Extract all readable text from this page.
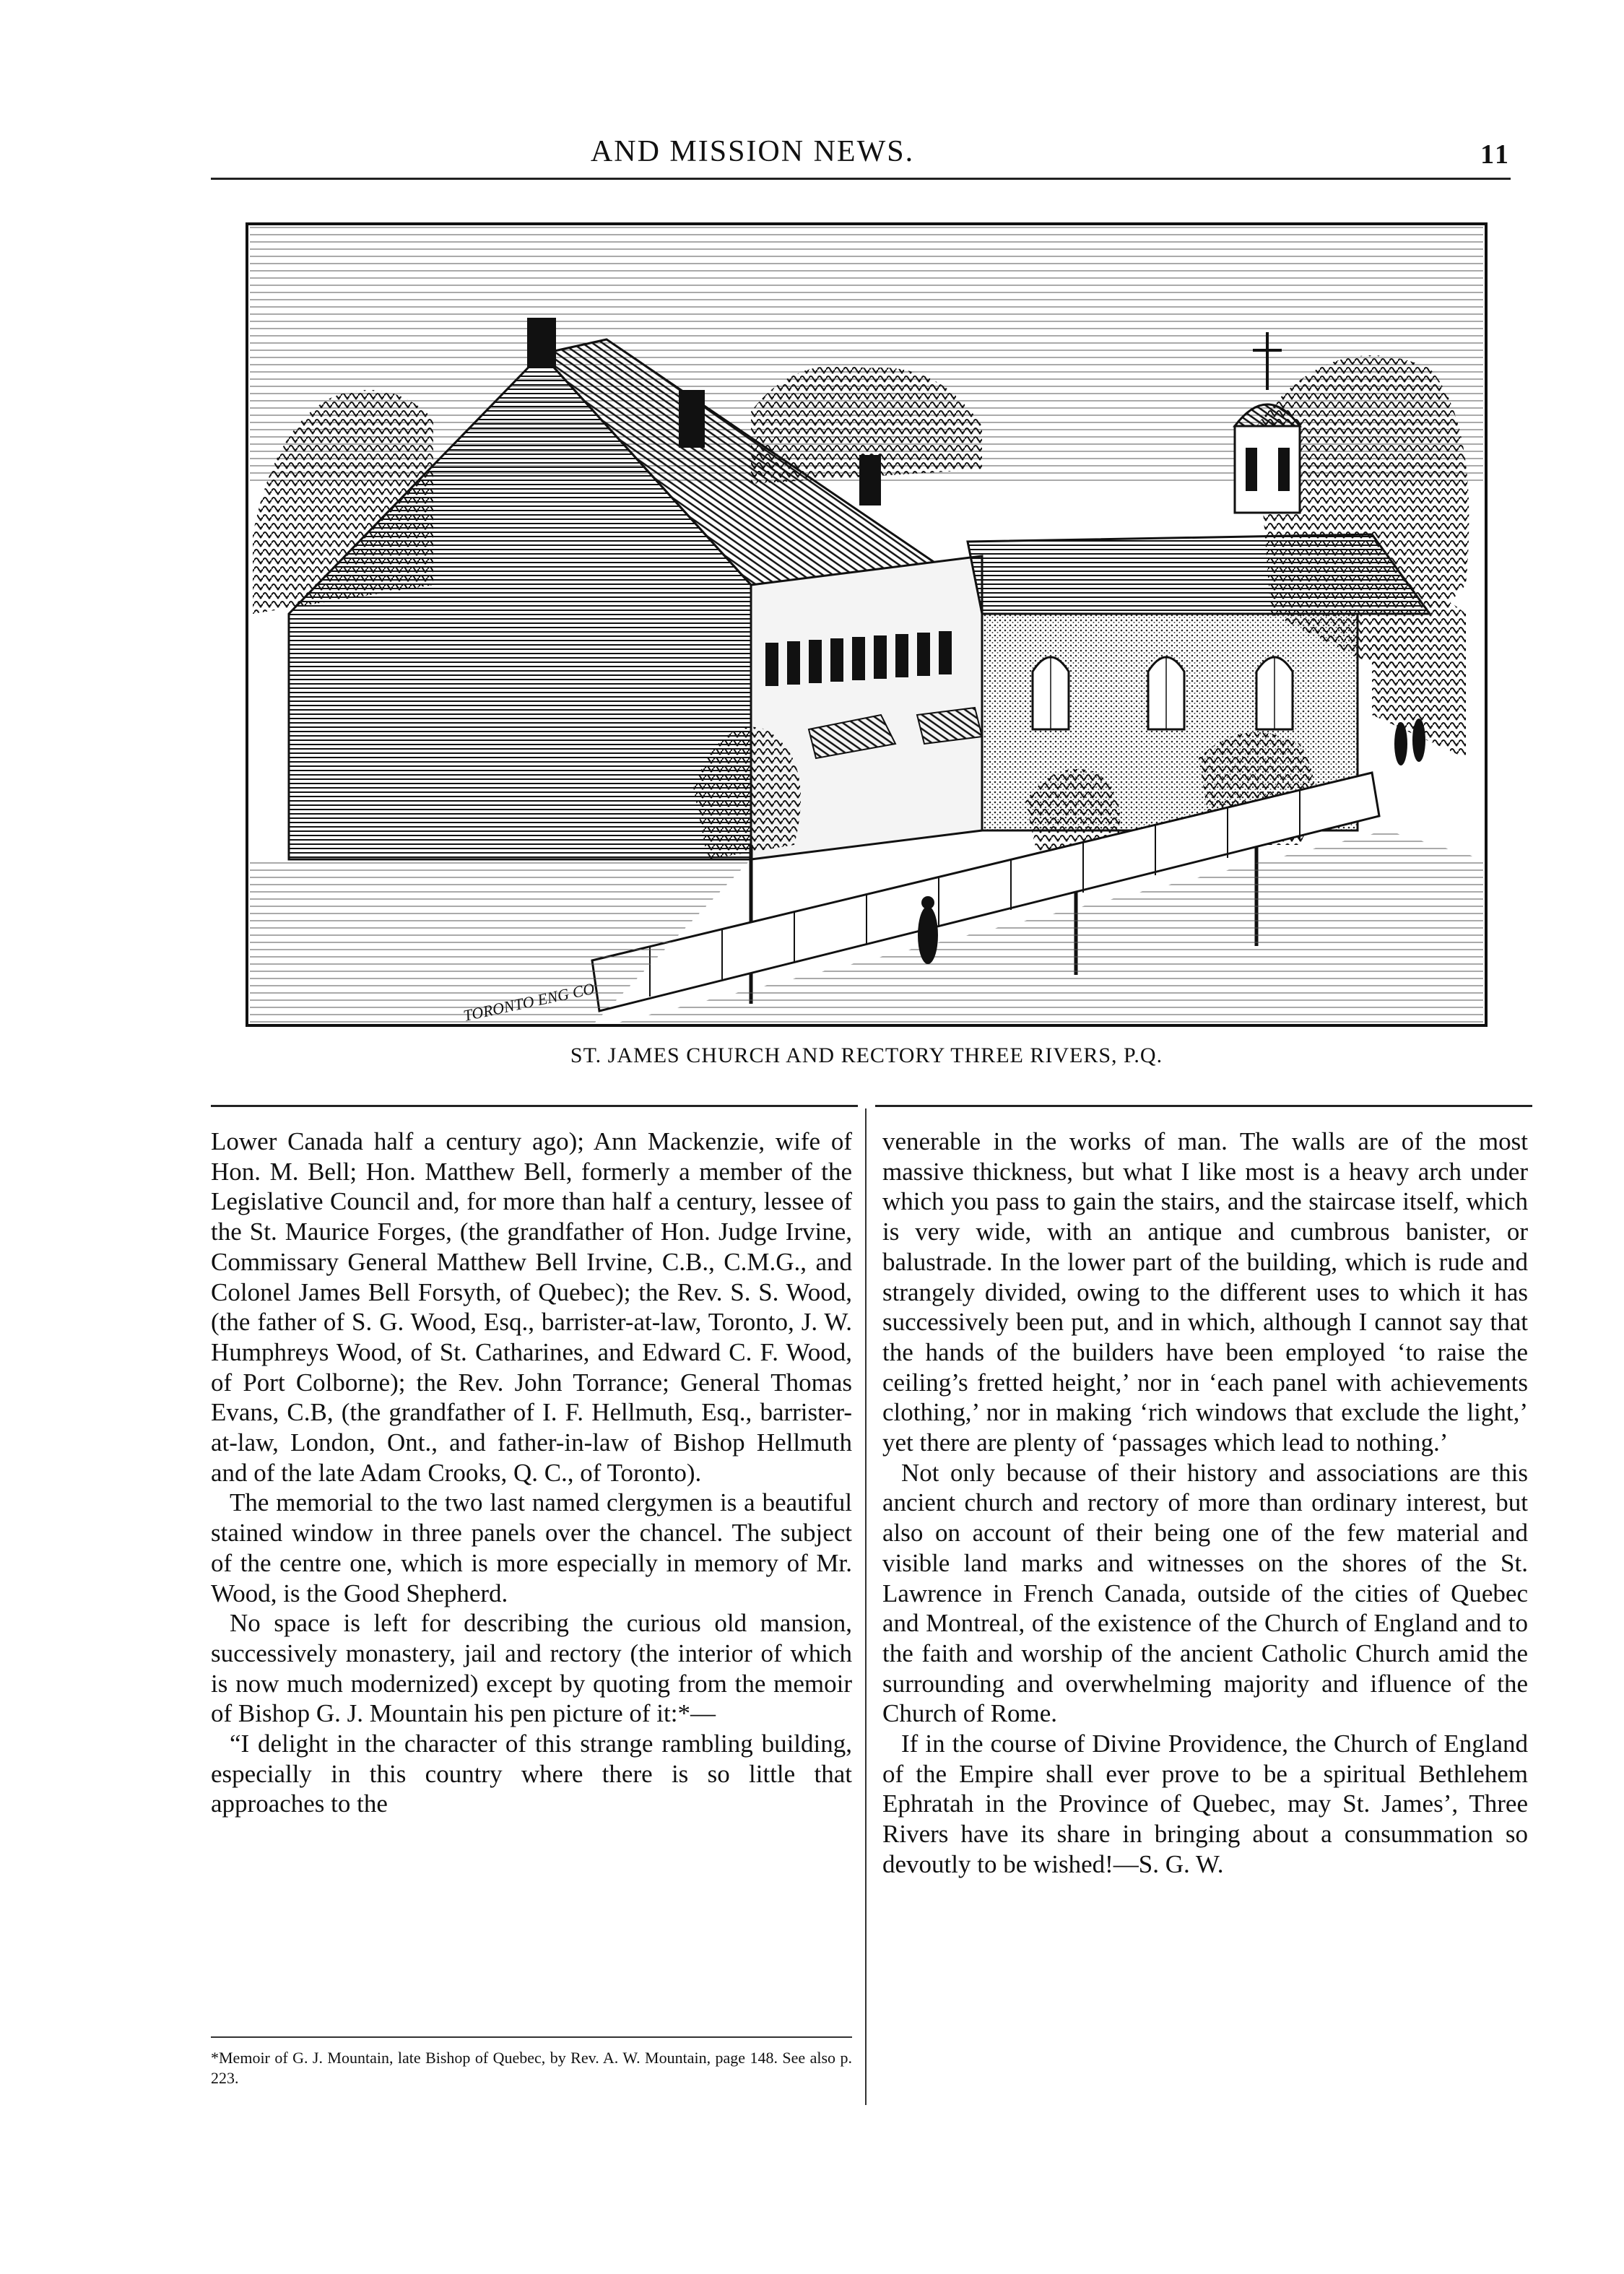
AND MISSION NEWS.	11
TORONTO ENG CO
ST. JAMES CHURCH AND RECTORY THREE RIVERS, P.Q.

Lower Canada half a century ago); Ann Mackenzie, wife of Hon. M. Bell; Hon. Matthew Bell, formerly a member of the Legislative Council and, for more than half a century, lessee of the St. Maurice Forges, (the grandfather of Hon. Judge Irvine, Commissary General Matthew Bell Irvine, C.B., C.M.G., and Colonel James Bell Forsyth, of Quebec); the Rev. S. S. Wood, (the father of S. G. Wood, Esq., barrister-at-law, Toronto, J. W. Humphreys Wood, of St. Catharines, and Edward C. F. Wood, of Port Colborne); the Rev. John Torrance; General Thomas Evans, C.B, (the grandfather of I. F. Hellmuth, Esq., barrister-at-law, London, Ont., and father-in-law of Bishop Hellmuth and of the late Adam Crooks, Q. C., of Toronto).

The memorial to the two last named clergymen is a beautiful stained window in three panels over the chancel. The subject of the centre one, which is more especially in memory of Mr. Wood, is the Good Shepherd.

No space is left for describing the curious old mansion, successively monastery, jail and rectory (the interior of which is now much modernized) except by quoting from the memoir of Bishop G. J. Mountain his pen picture of it:*—

“I delight in the character of this strange rambling building, especially in this country where there is so little that approaches to the

*Memoir of G. J. Mountain, late Bishop of Quebec, by Rev. A. W. Mountain, page 148. See also p. 223.

venerable in the works of man. The walls are of the most massive thickness, but what I like most is a heavy arch under which you pass to gain the stairs, and the staircase itself, which is very wide, with an antique and cumbrous banister, or balustrade. In the lower part of the building, which is rude and strangely divided, owing to the different uses to which it has successively been put, and in which, although I cannot say that the hands of the builders have been employed ‘to raise the ceiling’s fretted height,’ nor in ‘each panel with achievements clothing,’ nor in making ‘rich windows that exclude the light,’ yet there are plenty of ‘passages which lead to nothing.’

Not only because of their history and associations are this ancient church and rectory of more than ordinary interest, but also on account of their being one of the few material and visible land marks and witnesses on the shores of the St. Lawrence in French Canada, outside of the cities of Quebec and Montreal, of the existence of the Church of England and to the faith and worship of the ancient Catholic Church amid the surrounding and overwhelming majority and ifluence of the Church of Rome.

If in the course of Divine Providence, the Church of England of the Empire shall ever prove to be a spiritual Bethlehem Ephratah in the Province of Quebec, may St. James’, Three Rivers have its share in bringing about a consummation so devoutly to be wished!—S. G. W.
